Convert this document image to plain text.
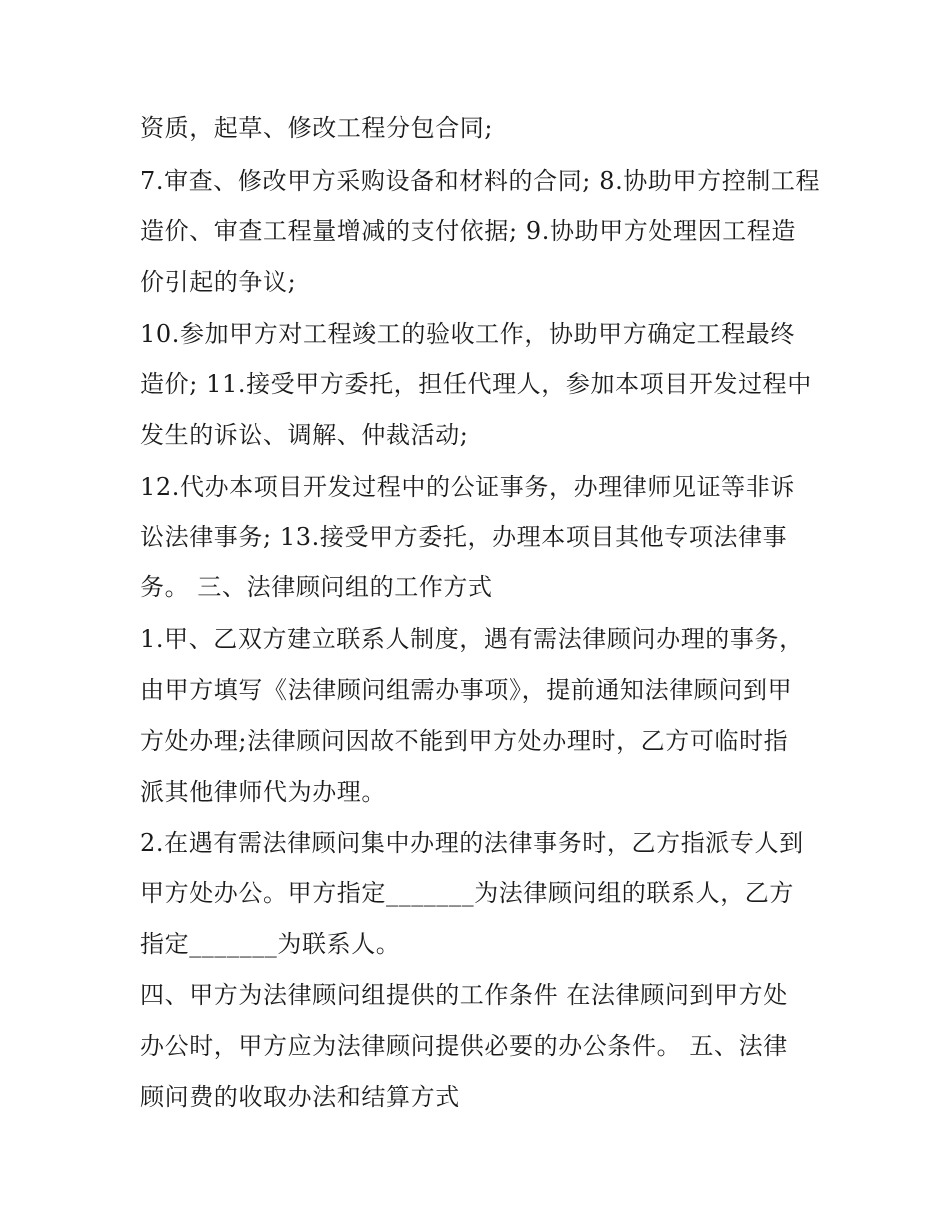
资质，起草、修改工程分包合同;
7.审查、修改甲方采购设备和材料的合同; 8.协助甲方控制工程
造价、审查工程量增减的支付依据; 9.协助甲方处理因工程造
价引起的争议;
10.参加甲方对工程竣工的验收工作，协助甲方确定工程最终
造价; 11.接受甲方委托，担任代理人，参加本项目开发过程中
发生的诉讼、调解、仲裁活动;
12.代办本项目开发过程中的公证事务，办理律师见证等非诉
讼法律事务; 13.接受甲方委托，办理本项目其他专项法律事
务。 三、法律顾问组的工作方式
1.甲、乙双方建立联系人制度，遇有需法律顾问办理的事务，
由甲方填写《法律顾问组需办事项》，提前通知法律顾问到甲
方处办理;法律顾问因故不能到甲方处办理时，乙方可临时指
派其他律师代为办理。
2.在遇有需法律顾问集中办理的法律事务时，乙方指派专人到
甲方处办公。甲方指定_______为法律顾问组的联系人，乙方
指定_______为联系人。
四、甲方为法律顾问组提供的工作条件 在法律顾问到甲方处
办公时，甲方应为法律顾问提供必要的办公条件。 五、法律
顾问费的收取办法和结算方式
